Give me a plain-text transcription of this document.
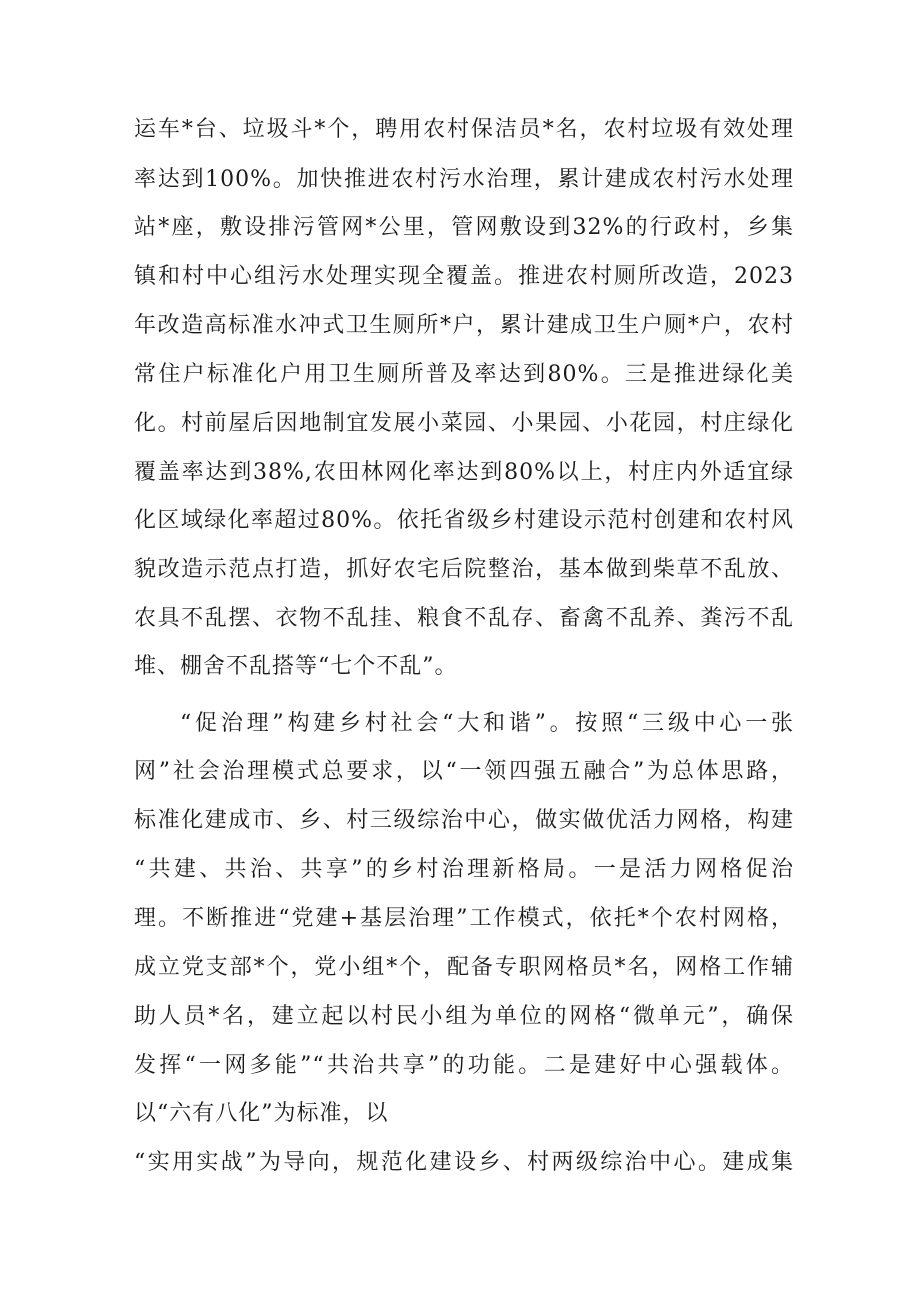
运车*台、垃圾斗*个，聘用农村保洁员*名，农村垃圾有效处理
率达到100%。加快推进农村污水治理，累计建成农村污水处理
站*座，敷设排污管网*公里，管网敷设到32%的行政村，乡集
镇和村中心组污水处理实现全覆盖。推进农村厕所改造，2023
年改造高标准水冲式卫生厕所*户，累计建成卫生户厕*户，农村
常住户标准化户用卫生厕所普及率达到80%。三是推进绿化美
化。村前屋后因地制宜发展小菜园、小果园、小花园，村庄绿化
覆盖率达到38%,农田林网化率达到80%以上，村庄内外适宜绿
化区域绿化率超过80%。依托省级乡村建设示范村创建和农村风
貌改造示范点打造，抓好农宅后院整治，基本做到柴草不乱放、
农具不乱摆、衣物不乱挂、粮食不乱存、畜禽不乱养、粪污不乱
堆、棚舍不乱搭等“七个不乱”。
“促治理”构建乡村社会“大和谐”。按照“三级中心一张
网”社会治理模式总要求，以“一领四强五融合”为总体思路，
标准化建成市、乡、村三级综治中心，做实做优活力网格，构建
“共建、共治、共享”的乡村治理新格局。一是活力网格促治
理。不断推进“党建+基层治理”工作模式，依托*个农村网格，
成立党支部*个，党小组*个，配备专职网格员*名，网格工作辅
助人员*名，建立起以村民小组为单位的网格“微单元”，确保
发挥“一网多能”“共治共享”的功能。二是建好中心强载体。
以“六有八化”为标准，以
“实用实战”为导向，规范化建设乡、村两级综治中心。建成集
